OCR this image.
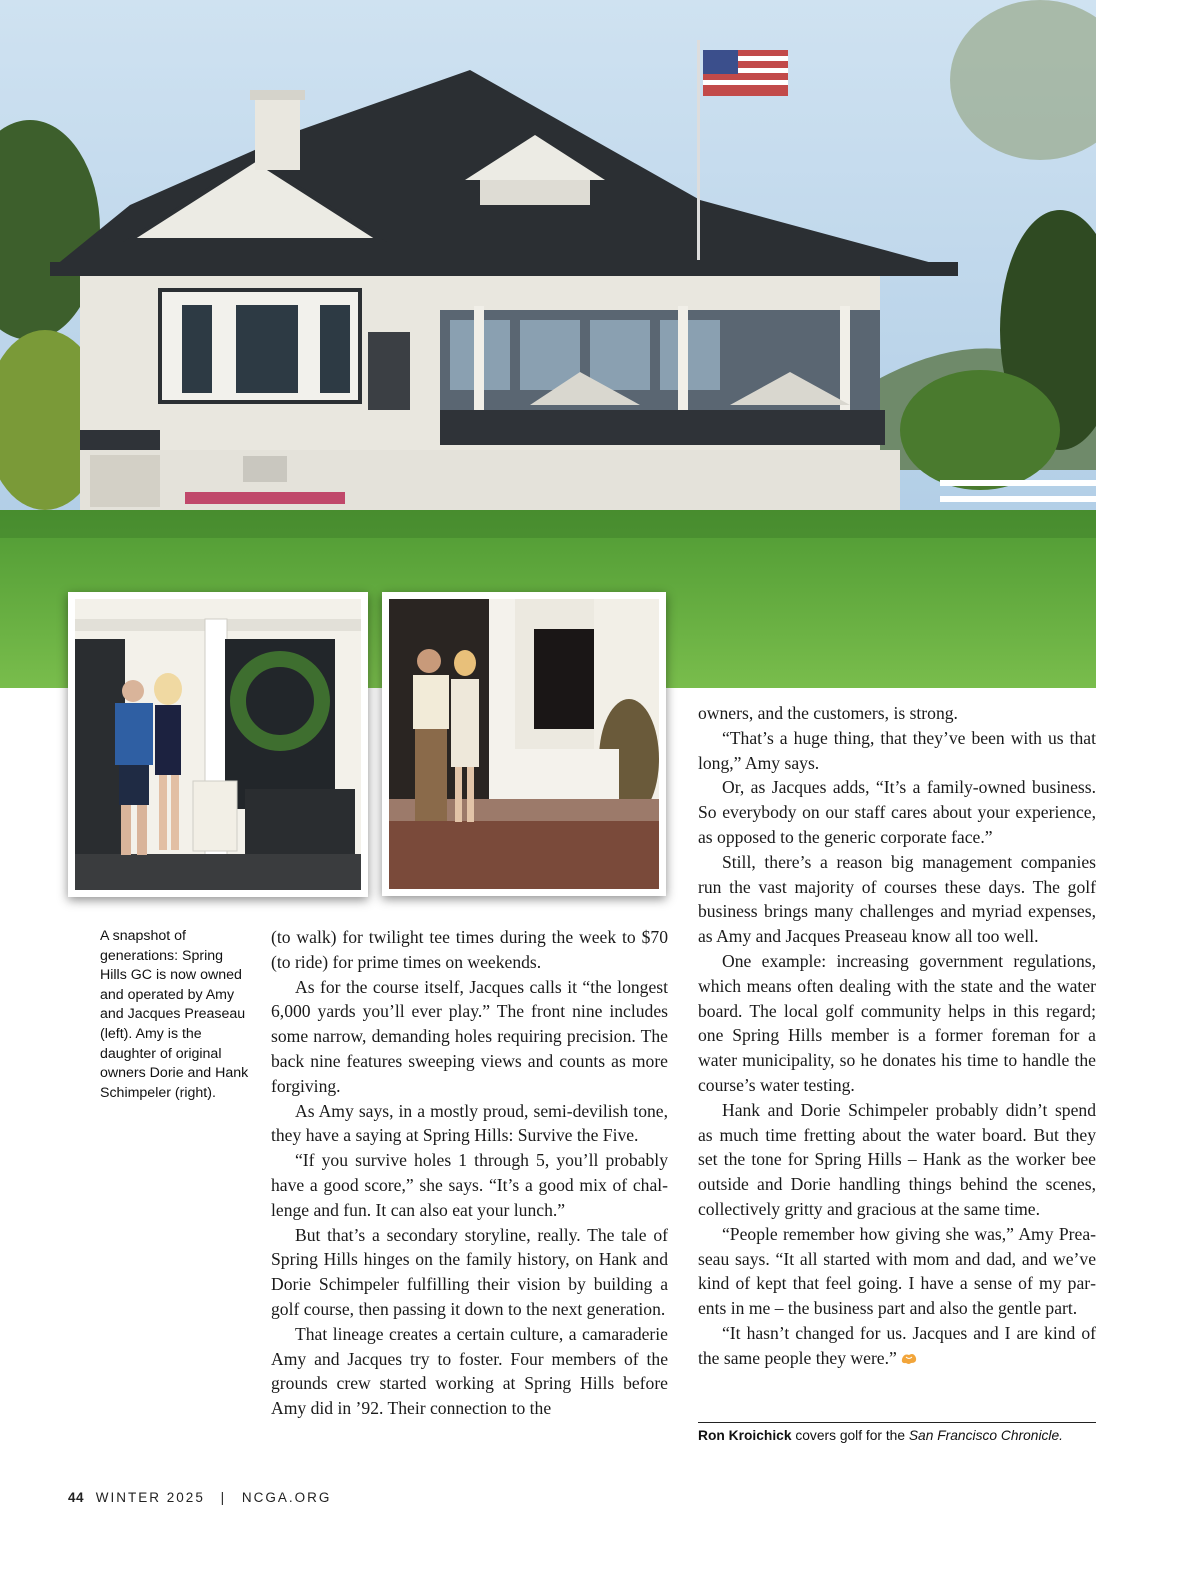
A snapshot of generations: Spring Hills GC is now owned and operated by Amy and Jacques Preaseau (left). Amy is the daughter of original owners Dorie and Hank Schimpeler (right).

(to walk) for twilight tee times during the week to $70 (to ride) for prime times on weekends.

As for the course itself, Jacques calls it “the longest 6,000 yards you’ll ever play.” The front nine includes some narrow, demanding holes requiring precision. The back nine features sweeping views and counts as more forgiving.

As Amy says, in a mostly proud, semi-devilish tone, they have a saying at Spring Hills: Survive the Five.

“If you survive holes 1 through 5, you’ll probably have a good score,” she says. “It’s a good mix of challenge and fun. It can also eat your lunch.”

But that’s a secondary storyline, really. The tale of Spring Hills hinges on the family history, on Hank and Dorie Schimpeler fulfilling their vision by building a golf course, then passing it down to the next generation.

That lineage creates a certain culture, a camaraderie Amy and Jacques try to foster. Four members of the grounds crew started working at Spring Hills before Amy did in ’92. Their connection to the

owners, and the customers, is strong.

“That’s a huge thing, that they’ve been with us that long,” Amy says.

Or, as Jacques adds, “It’s a family-owned business. So everybody on our staff cares about your experience, as opposed to the generic corporate face.”

Still, there’s a reason big management companies run the vast majority of courses these days. The golf business brings many challenges and myriad expenses, as Amy and Jacques Preaseau know all too well.

One example: increasing government regulations, which means often dealing with the state and the water board. The local golf community helps in this regard; one Spring Hills member is a former foreman for a water municipality, so he donates his time to handle the course’s water testing.

Hank and Dorie Schimpeler probably didn’t spend as much time fretting about the water board. But they set the tone for Spring Hills – Hank as the worker bee outside and Dorie handling things behind the scenes, collectively gritty and gracious at the same time.

“People remember how giving she was,” Amy Preaseau says. “It all started with mom and dad, and we’ve kind of kept that feel going. I have a sense of my parents in me – the business part and also the gentle part.

“It hasn’t changed for us. Jacques and I are kind of the same people they were.”

Ron Kroichick covers golf for the San Francisco Chronicle.
44 WINTER 2025 | NCGA.ORG
